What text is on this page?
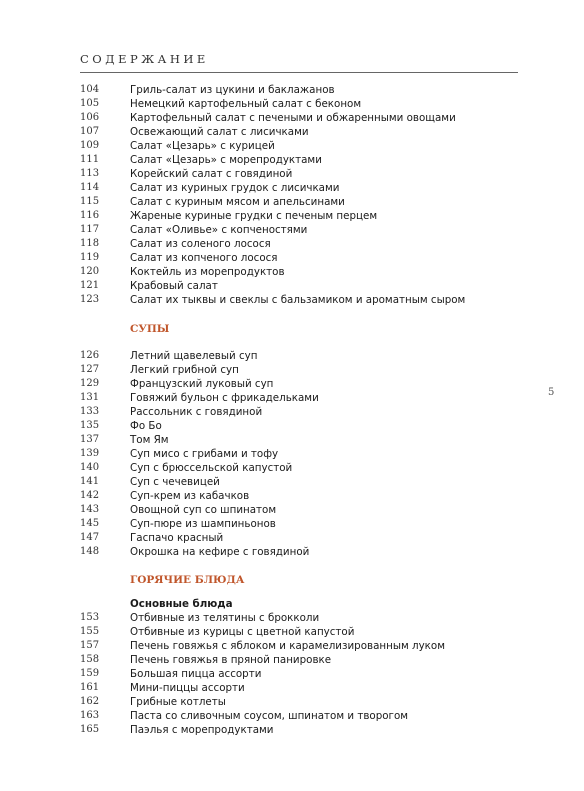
СОДЕРЖАНИЕ
104	Гриль-салат из цукини и баклажанов
105	Немецкий картофельный салат с беконом
106	Картофельный салат с печеными и обжаренными овощами
107	Освежающий салат с лисичками
109	Салат «Цезарь» с курицей
111	Салат «Цезарь» с морепродуктами
113	Корейский салат с говядиной
114	Салат из куриных грудок с лисичками
115	Салат с куриным мясом и апельсинами
116	Жареные куриные грудки с печеным перцем
117	Салат «Оливье» с копченостями
118	Салат из соленого лосося
119	Салат из копченого лосося
120	Коктейль из морепродуктов
121	Крабовый салат
123	Салат их тыквы и свеклы с бальзамиком и ароматным сыром
СУПЫ
126	Летний щавелевый суп
127	Легкий грибной суп
129	Французский луковый суп
131	Говяжий бульон с фрикадельками
133	Рассольник с говядиной
135	Фо Бо
137	Том Ям
139	Суп мисо с грибами и тофу
140	Суп с брюссельской капустой
141	Суп с чечевицей
142	Суп-крем из кабачков
143	Овощной суп со шпинатом
145	Суп-пюре из шампиньонов
147	Гаспачо красный
148	Окрошка на кефире с говядиной
ГОРЯЧИЕ БЛЮДА
Основные блюда
153	Отбивные из телятины с брокколи
155	Отбивные из курицы с цветной капустой
157	Печень говяжья с яблоком и карамелизированным луком
158	Печень говяжья в пряной панировке
159	Большая пицца ассорти
161	Мини-пиццы ассорти
162	Грибные котлеты
163	Паста со сливочным соусом, шпинатом и творогом
165	Паэлья с морепродуктами
5
